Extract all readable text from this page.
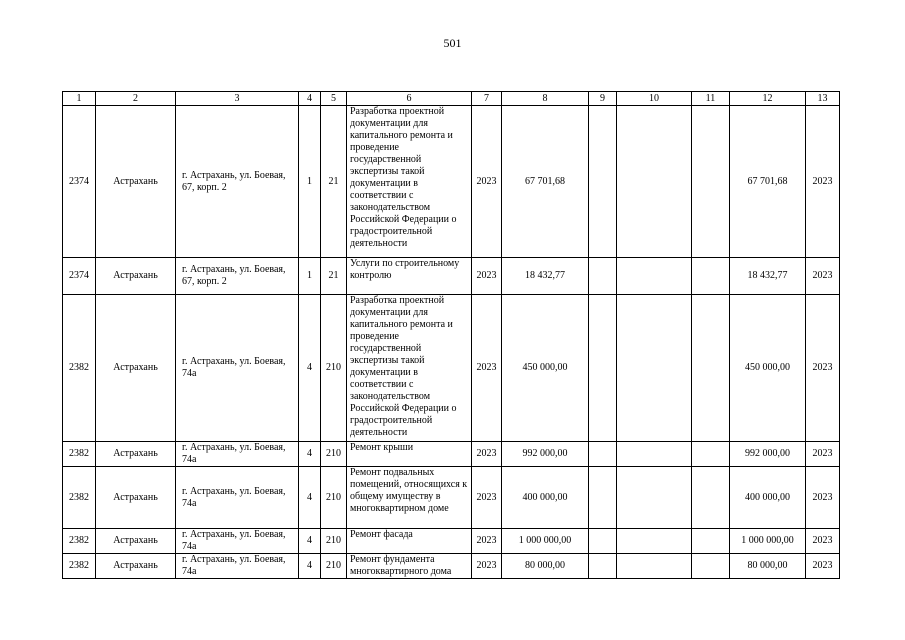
501
1	2	3	4	5	6	7	8	9	10	11	12	13
2374	Астрахань	г. Астрахань, ул. Боевая, 67, корп. 2	1	21	Разработка проектной документации для капитального ремонта и проведение государственной экспертизы такой документации в соответствии с законодательством Российской Федерации о градостроительной деятельности	2023	67 701,68				67 701,68	2023
2374	Астрахань	г. Астрахань, ул. Боевая, 67, корп. 2	1	21	Услуги по строительному контролю	2023	18 432,77				18 432,77	2023
2382	Астрахань	г. Астрахань, ул. Боевая, 74а	4	210	Разработка проектной документации для капитального ремонта и проведение государственной экспертизы такой документации в соответствии с законодательством Российской Федерации о градостроительной деятельности	2023	450 000,00				450 000,00	2023
2382	Астрахань	г. Астрахань, ул. Боевая, 74а	4	210	Ремонт крыши	2023	992 000,00				992 000,00	2023
2382	Астрахань	г. Астрахань, ул. Боевая, 74а	4	210	Ремонт подвальных помещений, относящихся к общему имуществу в многоквартирном доме	2023	400 000,00				400 000,00	2023
2382	Астрахань	г. Астрахань, ул. Боевая, 74а	4	210	Ремонт фасада	2023	1 000 000,00				1 000 000,00	2023
2382	Астрахань	г. Астрахань, ул. Боевая, 74а	4	210	Ремонт фундамента многоквартирного дома	2023	80 000,00				80 000,00	2023
